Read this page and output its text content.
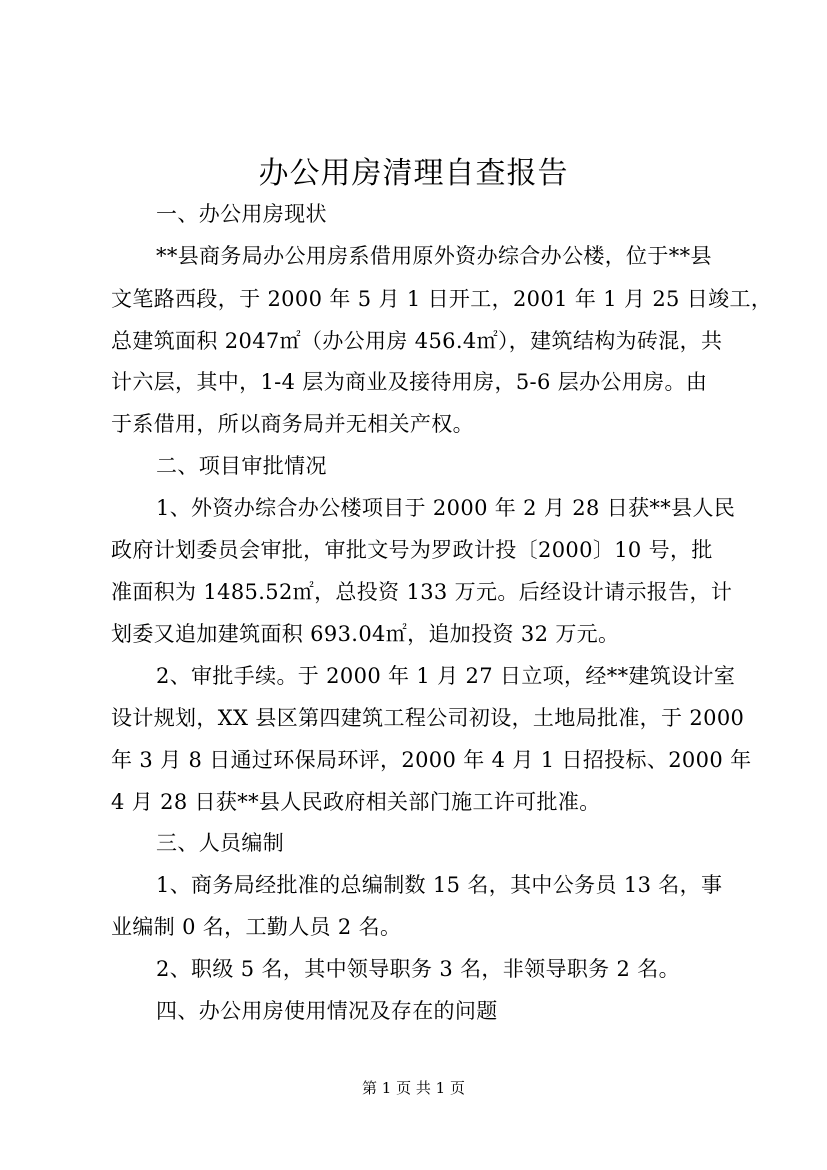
办公用房清理自查报告
一、办公用房现状
**县商务局办公用房系借用原外资办综合办公楼，位于**县
文笔路西段，于 2000 年 5 月 1 日开工，2001 年 1 月 25 日竣工，
总建筑面积 2047㎡（办公用房 456.4㎡），建筑结构为砖混，共
计六层，其中，1-4 层为商业及接待用房，5-6 层办公用房。由
于系借用，所以商务局并无相关产权。
二、项目审批情况
1、外资办综合办公楼项目于 2000 年 2 月 28 日获**县人民
政府计划委员会审批，审批文号为罗政计投〔2000〕10 号，批
准面积为 1485.52㎡，总投资 133 万元。后经设计请示报告，计
划委又追加建筑面积 693.04㎡，追加投资 32 万元。
2、审批手续。于 2000 年 1 月 27 日立项，经**建筑设计室
设计规划，XX 县区第四建筑工程公司初设，土地局批准，于 2000
年 3 月 8 日通过环保局环评，2000 年 4 月 1 日招投标、2000 年
4 月 28 日获**县人民政府相关部门施工许可批准。
三、人员编制
1、商务局经批准的总编制数 15 名，其中公务员 13 名，事
业编制 0 名，工勤人员 2 名。
2、职级 5 名，其中领导职务 3 名，非领导职务 2 名。
四、办公用房使用情况及存在的问题
第 1 页 共 1 页
